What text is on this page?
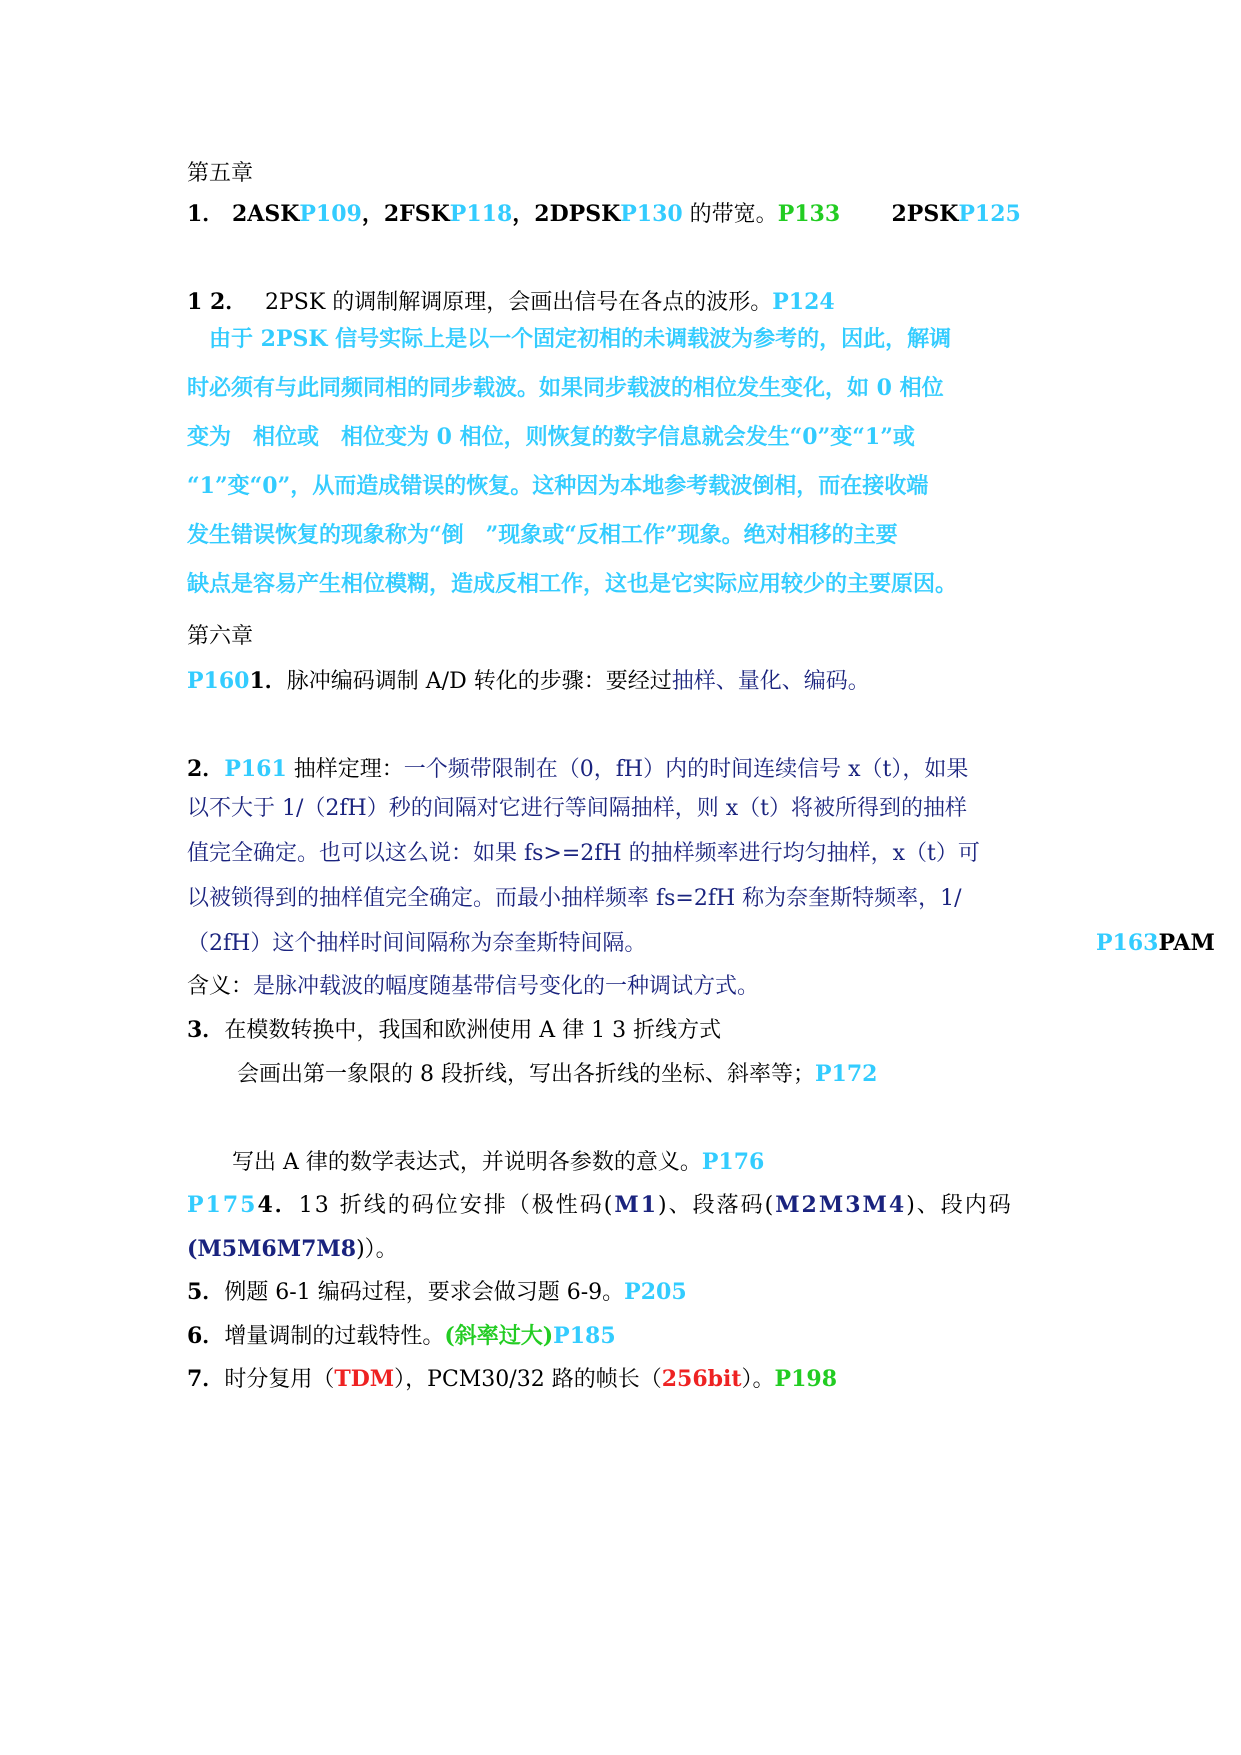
第五章
1． 2ASKP109，2FSKP118，2DPSKP130 的带宽。P133 2PSKP125
1 2． 2PSK 的调制解调原理，会画出信号在各点的波形。P124
　由于 2PSK 信号实际上是以一个固定初相的未调载波为参考的，因此，解调
时必须有与此同频同相的同步载波。如果同步载波的相位发生变化，如 0 相位
变为　相位或　相位变为 0 相位，则恢复的数字信息就会发生“0”变“1”或
“1”变“0”，从而造成错误的恢复。这种因为本地参考载波倒相，而在接收端
发生错误恢复的现象称为“倒　”现象或“反相工作”现象。绝对相移的主要
缺点是容易产生相位模糊，造成反相工作，这也是它实际应用较少的主要原因。
第六章
P1601．脉冲编码调制 A/D 转化的步骤：要经过抽样、量化、编码。
2．P161 抽样定理：一个频带限制在（0，fH）内的时间连续信号 x（t），如果
以不大于 1/（2fH）秒的间隔对它进行等间隔抽样，则 x（t）将被所得到的抽样
值完全确定。也可以这么说：如果 fs>=2fH 的抽样频率进行均匀抽样，x（t）可
以被锁得到的抽样值完全确定。而最小抽样频率 fs=2fH 称为奈奎斯特频率，1/
（2fH）这个抽样时间间隔称为奈奎斯特间隔。	P163PAM
含义：是脉冲载波的幅度随基带信号变化的一种调试方式。
3．在模数转换中，我国和欧洲使用 A 律 1 3 折线方式
会画出第一象限的 8 段折线，写出各折线的坐标、斜率等；P172
写出 A 律的数学表达式，并说明各参数的意义。P176
P1754．13 折线的码位安排（极性码(M1)、段落码(M2M3M4)、段内码
(M5M6M7M8)）。
5．例题 6-1 编码过程，要求会做习题 6-9。P205
6．增量调制的过载特性。(斜率过大)P185
7．时分复用（TDM），PCM30/32 路的帧长（256bit）。P198
